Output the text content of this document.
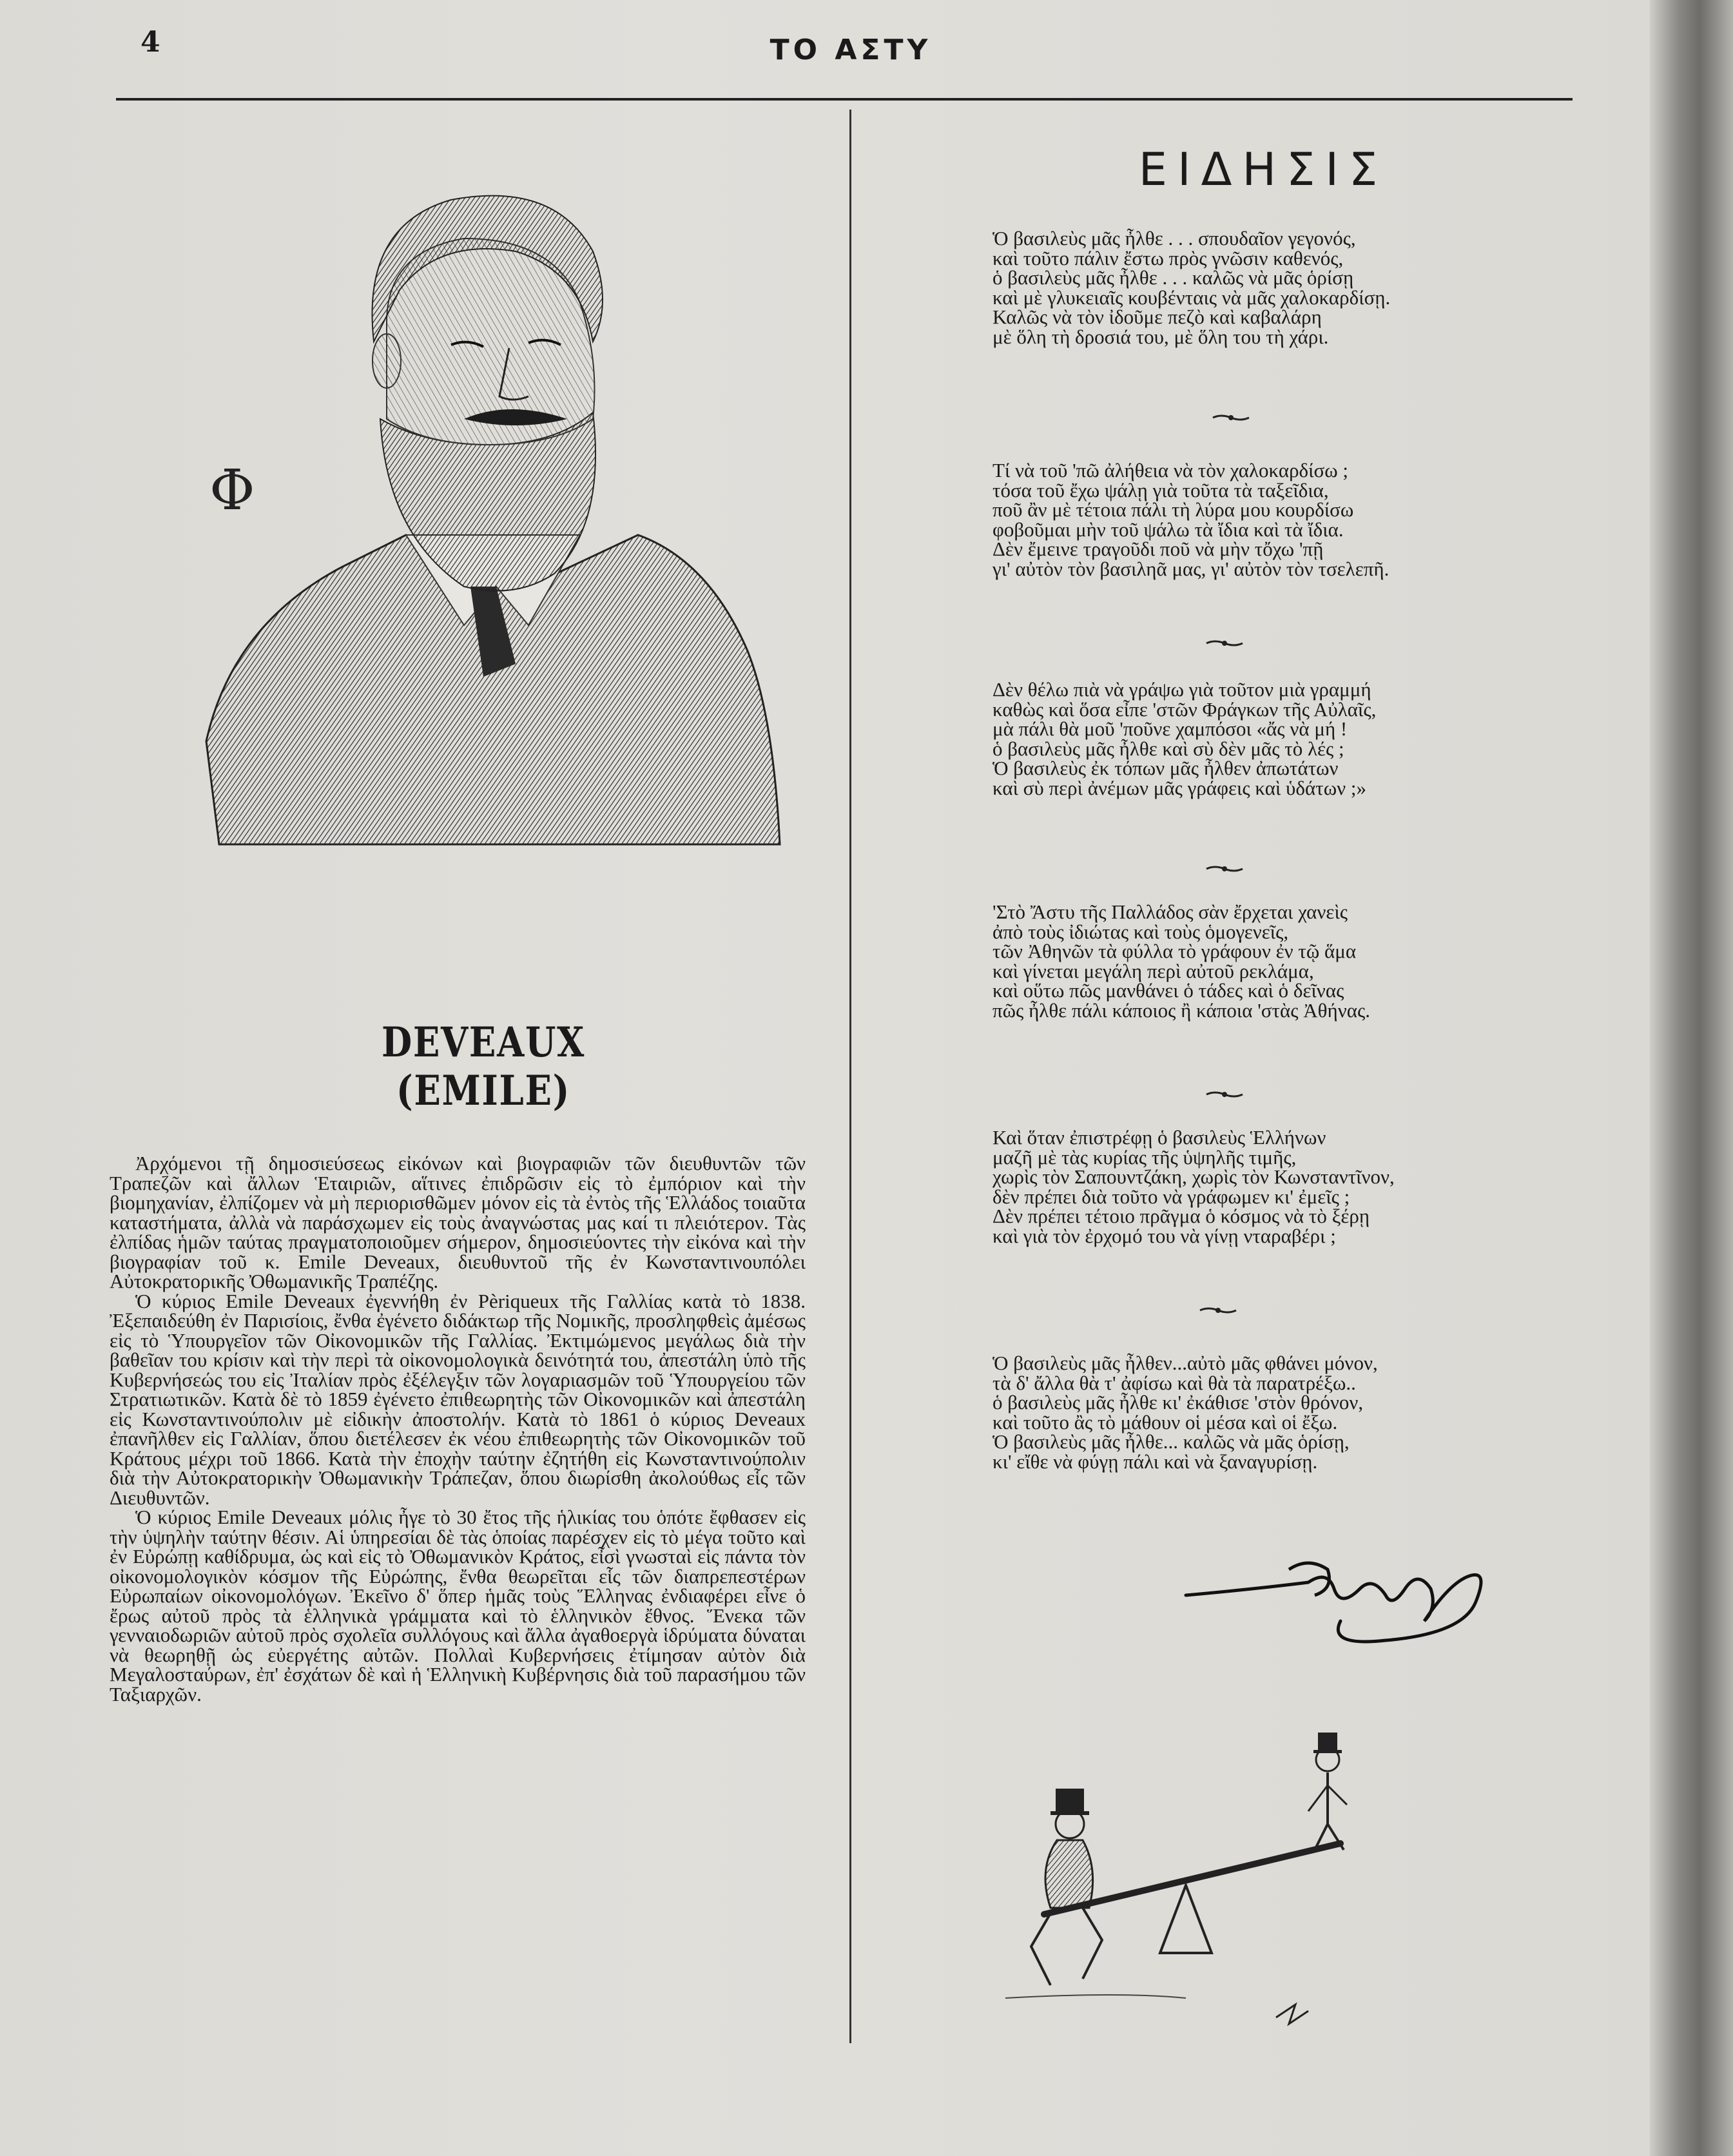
4	ΤΟ ΑΣΤΥ
Φ
DEVEAUX (EMILE)

Ἀρχόμενοι τῇ δημοσιεύσεως εἰκόνων καὶ βιογραφιῶν τῶν διευθυντῶν τῶν Τραπεζῶν καὶ ἄλλων Ἑταιριῶν, αἵτινες ἐπιδρῶσιν εἰς τὸ ἐμπόριον καὶ τὴν βιομηχανίαν, ἐλπίζομεν νὰ μὴ περιορισθῶμεν μόνον εἰς τὰ ἐντὸς τῆς Ἑλλάδος τοιαῦτα καταστήματα, ἀλλὰ νὰ παράσχωμεν εἰς τοὺς ἀναγνώστας μας καί τι πλειότερον. Τὰς ἐλπίδας ἡμῶν ταύτας πραγματοποιοῦμεν σήμερον, δημοσιεύοντες τὴν εἰκόνα καὶ τὴν βιογραφίαν τοῦ κ. Emile Deveaux, διευθυντοῦ τῆς ἐν Κωνσταντινουπόλει Αὐτοκρατορικῆς Ὀθωμανικῆς Τραπέζης.

Ὁ κύριος Emile Deveaux ἐγεννήθη ἐν Pèriqueux τῆς Γαλλίας κατὰ τὸ 1838. Ἐξεπαιδεύθη ἐν Παρισίοις, ἔνθα ἐγένετο διδάκτωρ τῆς Νομικῆς, προσληφθεὶς ἀμέσως εἰς τὸ Ὑπουργεῖον τῶν Οἰκονομικῶν τῆς Γαλλίας. Ἐκτιμώμενος μεγάλως διὰ τὴν βαθεῖαν του κρίσιν καὶ τὴν περὶ τὰ οἰκονομολογικὰ δεινότητά του, ἀπεστάλη ὑπὸ τῆς Κυβερνήσεώς του εἰς Ἰταλίαν πρὸς ἐξέλεγξιν τῶν λογαριασμῶν τοῦ Ὑπουργείου τῶν Στρατιωτικῶν. Κατὰ δὲ τὸ 1859 ἐγένετο ἐπιθεωρητὴς τῶν Οἰκονομικῶν καὶ ἀπεστάλη εἰς Κωνσταντινούπολιν μὲ εἰδικὴν ἀποστολήν. Κατὰ τὸ 1861 ὁ κύριος Deveaux ἐπανῆλθεν εἰς Γαλλίαν, ὅπου διετέλεσεν ἐκ νέου ἐπιθεωρητὴς τῶν Οἰκονομικῶν τοῦ Κράτους μέχρι τοῦ 1866. Κατὰ τὴν ἐποχὴν ταύτην ἐζητήθη εἰς Κωνσταντινούπολιν διὰ τὴν Αὐτοκρατορικὴν Ὀθωμανικὴν Τράπεζαν, ὅπου διωρίσθη ἀκολούθως εἷς τῶν Διευθυντῶν.

Ὁ κύριος Emile Deveaux μόλις ἦγε τὸ 30 ἔτος τῆς ἡλικίας του ὁπότε ἔφθασεν εἰς τὴν ὑψηλὴν ταύτην θέσιν. Αἱ ὑπηρεσίαι δὲ τὰς ὁποίας παρέσχεν εἰς τὸ μέγα τοῦτο καὶ ἐν Εὐρώπῃ καθίδρυμα, ὡς καὶ εἰς τὸ Ὀθωμανικὸν Κράτος, εἶσὶ γνωσταὶ εἰς πάντα τὸν οἰκονομολογικὸν κόσμον τῆς Εὐρώπης, ἔνθα θεωρεῖται εἷς τῶν διαπρεπεστέρων Εὐρωπαίων οἰκονομολόγων. Ἐκεῖνο δ' ὅπερ ἡμᾶς τοὺς Ἕλληνας ἐνδιαφέρει εἶνε ὁ ἔρως αὐτοῦ πρὸς τὰ ἑλληνικὰ γράμματα καὶ τὸ ἑλληνικὸν ἔθνος. Ἕνεκα τῶν γενναιοδωριῶν αὐτοῦ πρὸς σχολεῖα συλλόγους καὶ ἄλλα ἀγαθοεργὰ ἱδρύματα δύναται νὰ θεωρηθῇ ὡς εὐεργέτης αὐτῶν. Πολλαὶ Κυβερνήσεις ἐτίμησαν αὐτὸν διὰ Μεγαλοσταύρων, ἐπ' ἐσχάτων δὲ καὶ ἡ Ἑλληνικὴ Κυβέρνησις διὰ τοῦ παρασήμου τῶν Ταξιαρχῶν.

ΕΙΔΗΣΙΣ
Ὁ βασιλεὺς μᾶς ἦλθε . . . σπουδαῖον γεγονός,
καὶ τοῦτο πάλιν ἔστω πρὸς γνῶσιν καθενός,
ὁ βασιλεὺς μᾶς ἦλθε . . . καλῶς νὰ μᾶς ὁρίσῃ
καὶ μὲ γλυκειαῖς κουβένταις νὰ μᾶς χαλοκαρδίσῃ.
Καλῶς νὰ τὸν ἰδοῦμε πεζὸ καὶ καβαλάρη
μὲ ὅλη τὴ δροσιά του, μὲ ὅλη του τὴ χάρι.
Τί νὰ τοῦ 'πῶ ἀλήθεια νὰ τὸν χαλοκαρδίσω ;
τόσα τοῦ ἔχω ψάλῃ γιὰ τοῦτα τὰ ταξεῖδια,
ποῦ ἂν μὲ τέτοια πάλι τὴ λύρα μου κουρδίσω
φοβοῦμαι μὴν τοῦ ψάλω τὰ ἴδια καὶ τὰ ἴδια.
Δὲν ἔμεινε τραγοῦδι ποῦ νὰ μὴν τὄχω 'πῇ
γι' αὐτὸν τὸν βασιληᾶ μας, γι' αὐτὸν τὸν τσελεπῆ.
Δὲν θέλω πιὰ νὰ γράψω γιὰ τοῦτον μιὰ γραμμή
καθὼς καὶ ὅσα εἶπε 'στῶν Φράγκων τῆς Αὐλαῖς,
μὰ πάλι θὰ μοῦ 'ποῦνε χαμπόσοι «ἄς νὰ μή !
ὁ βασιλεὺς μᾶς ἦλθε καὶ σὺ δὲν μᾶς τὸ λές ;
Ὁ βασιλεὺς ἐκ τόπων μᾶς ἦλθεν ἀπωτάτων
καὶ σὺ περὶ ἀνέμων μᾶς γράφεις καὶ ὑδάτων ;»
'Στὸ Ἄστυ τῆς Παλλάδος σὰν ἔρχεται χανεὶς
ἀπὸ τοὺς ἰδιώτας καὶ τοὺς ὁμογενεῖς,
τῶν Ἀθηνῶν τὰ φύλλα τὸ γράφουν ἐν τῷ ἅμα
καὶ γίνεται μεγάλη περὶ αὐτοῦ ρεκλάμα,
καὶ οὕτω πῶς μανθάνει ὁ τάδες καὶ ὁ δεῖνας
πῶς ἦλθε πάλι κάποιος ἢ κάποια 'στὰς Ἀθήνας.
Καὶ ὅταν ἐπιστρέφῃ ὁ βασιλεὺς Ἑλλήνων
μαζῆ μὲ τὰς κυρίας τῆς ὑψηλῆς τιμῆς,
χωρὶς τὸν Σαπουντζάκη, χωρὶς τὸν Κωνσταντῖνον,
δὲν πρέπει διὰ τοῦτο νὰ γράφωμεν κι' ἐμεῖς ;
Δὲν πρέπει τέτοιο πρᾶγμα ὁ κόσμος νὰ τὸ ξέρῃ
καὶ γιὰ τὸν ἐρχομό του νὰ γίνῃ νταραβέρι ;
Ὁ βασιλεὺς μᾶς ἦλθεν...αὐτὸ μᾶς φθάνει μόνον,
τὰ δ' ἄλλα θὰ τ' ἀφίσω καὶ θὰ τὰ παρατρέξω..
ὁ βασιλεὺς μᾶς ἦλθε κι' ἐκάθισε 'στὸν θρόνον,
καὶ τοῦτο ἂς τὸ μάθουν οἱ μέσα καὶ οἱ ἔξω.
Ὁ βασιλεὺς μᾶς ἦλθε... καλῶς νὰ μᾶς ὁρίσῃ,
κι' εἴθε νὰ φύγῃ πάλι καὶ νὰ ξαναγυρίσῃ.
